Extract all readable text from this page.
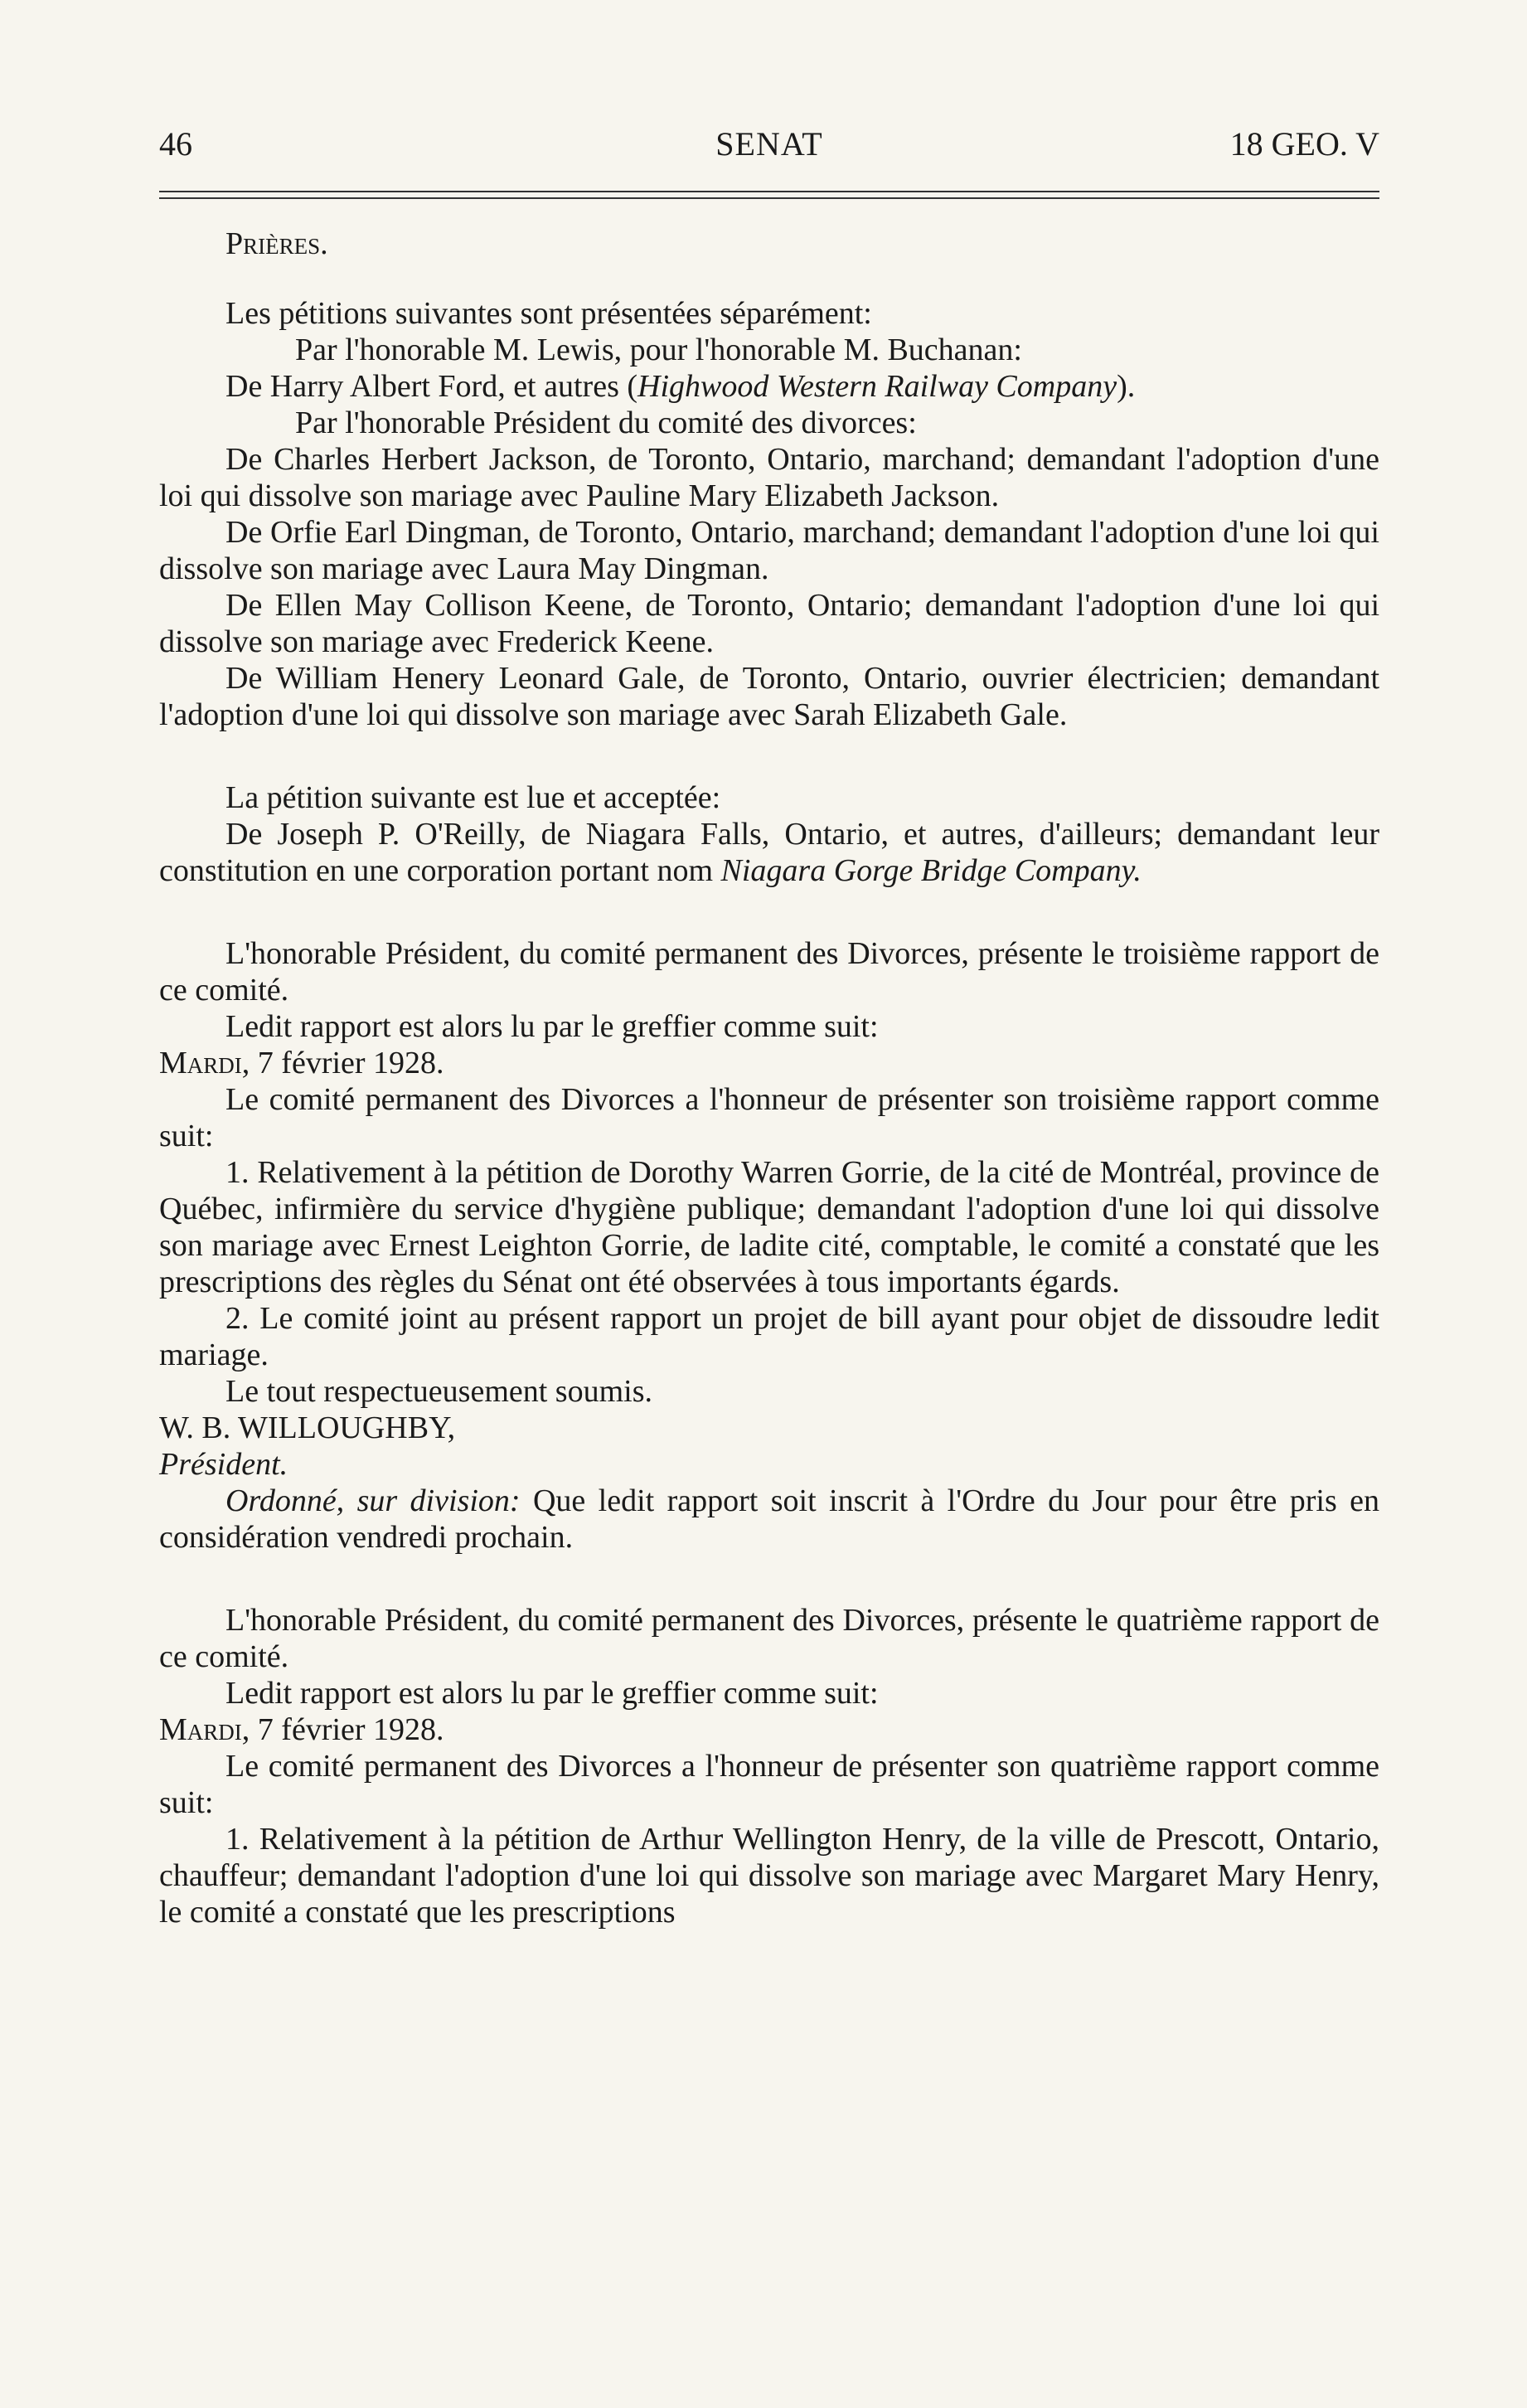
46	SENAT	18 GEO. V

Prières.

Les pétitions suivantes sont présentées séparément:

Par l'honorable M. Lewis, pour l'honorable M. Buchanan:

De Harry Albert Ford, et autres (Highwood Western Railway Company).

Par l'honorable Président du comité des divorces:

De Charles Herbert Jackson, de Toronto, Ontario, marchand; demandant l'adoption d'une loi qui dissolve son mariage avec Pauline Mary Elizabeth Jackson.

De Orfie Earl Dingman, de Toronto, Ontario, marchand; demandant l'adoption d'une loi qui dissolve son mariage avec Laura May Dingman.

De Ellen May Collison Keene, de Toronto, Ontario; demandant l'adoption d'une loi qui dissolve son mariage avec Frederick Keene.

De William Henery Leonard Gale, de Toronto, Ontario, ouvrier électricien; demandant l'adoption d'une loi qui dissolve son mariage avec Sarah Elizabeth Gale.

La pétition suivante est lue et acceptée:

De Joseph P. O'Reilly, de Niagara Falls, Ontario, et autres, d'ailleurs; demandant leur constitution en une corporation portant nom Niagara Gorge Bridge Company.

L'honorable Président, du comité permanent des Divorces, présente le troisième rapport de ce comité.

Ledit rapport est alors lu par le greffier comme suit:

Mardi, 7 février 1928.

Le comité permanent des Divorces a l'honneur de présenter son troisième rapport comme suit:

1. Relativement à la pétition de Dorothy Warren Gorrie, de la cité de Montréal, province de Québec, infirmière du service d'hygiène publique; demandant l'adoption d'une loi qui dissolve son mariage avec Ernest Leighton Gorrie, de ladite cité, comptable, le comité a constaté que les prescriptions des règles du Sénat ont été observées à tous importants égards.

2. Le comité joint au présent rapport un projet de bill ayant pour objet de dissoudre ledit mariage.

Le tout respectueusement soumis.

W. B. WILLOUGHBY,

Président.

Ordonné, sur division: Que ledit rapport soit inscrit à l'Ordre du Jour pour être pris en considération vendredi prochain.

L'honorable Président, du comité permanent des Divorces, présente le quatrième rapport de ce comité.

Ledit rapport est alors lu par le greffier comme suit:

Mardi, 7 février 1928.

Le comité permanent des Divorces a l'honneur de présenter son quatrième rapport comme suit:

1. Relativement à la pétition de Arthur Wellington Henry, de la ville de Prescott, Ontario, chauffeur; demandant l'adoption d'une loi qui dissolve son mariage avec Margaret Mary Henry, le comité a constaté que les prescriptions
